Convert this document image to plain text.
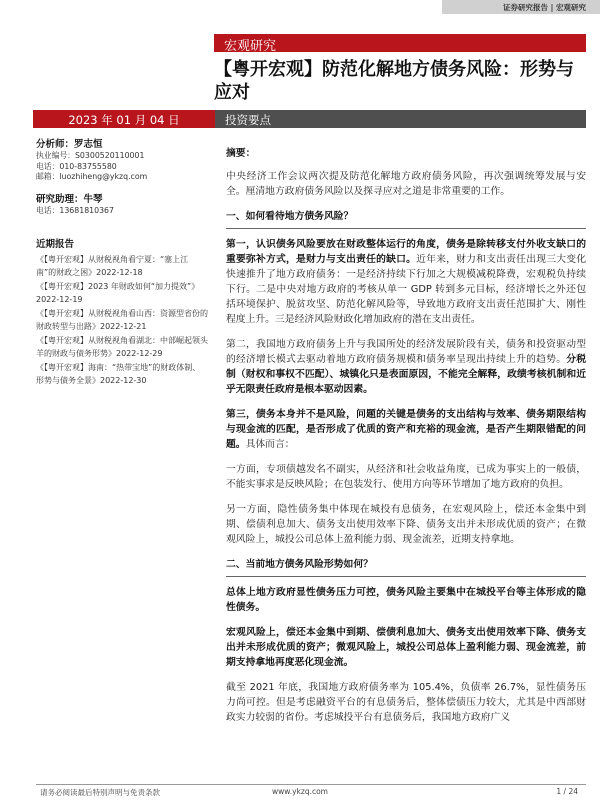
证券研究报告 | 宏观研究
宏观研究
【粤开宏观】防范化解地方债务风险：形势与应对
2023 年 01 月 04 日	投资要点
分析师：罗志恒
执业编号：S0300520110001
电话：010-83755580
邮箱：luozhiheng@ykzq.com
研究助理：牛琴
电话：13681810367
近期报告
《【粤开宏观】从财税视角看宁夏：“塞上江南”的财政之困》2022-12-18
《【粤开宏观】2023 年财政如何“加力提效”》2022-12-19
《【粤开宏观】从财税视角看山西：资源型省份的财政转型与出路》2022-12-21
《【粤开宏观】从财税视角看湖北：中部崛起领头羊的财政与债务形势》2022-12-29
《【粤开宏观】海南：“热带宝地”的财政体制、形势与债务全景》2022-12-30
摘要：
中央经济工作会议两次提及防范化解地方政府债务风险，再次强调统筹发展与安全。厘清地方政府债务风险以及探寻应对之道是非常重要的工作。
一、如何看待地方债务风险？
第一，认识债务风险要放在财政整体运行的角度，债务是除转移支付外收支缺口的重要弥补方式，是财力与支出责任的缺口。近年来，财力和支出责任出现三大变化快速推升了地方政府债务：一是经济持续下行加之大规模减税降费，宏观税负持续下行。二是中央对地方政府的考核从单一 GDP 转到多元目标，经济增长之外还包括环境保护、脱贫攻坚、防范化解风险等，导致地方政府支出责任范围扩大、刚性程度上升。三是经济风险财政化增加政府的潜在支出责任。
第二，我国地方政府债务上升与我国所处的经济发展阶段有关，债务和投资驱动型的经济增长模式去驱动着地方政府债务规模和债务率呈现出持续上升的趋势。分税制（财权和事权不匹配）、城镇化只是表面原因，不能完全解释，政绩考核机制和近乎无限责任政府是根本驱动因素。
第三，债务本身并不是风险，问题的关键是债务的支出结构与效率、债务期限结构与现金流的匹配，是否形成了优质的资产和充裕的现金流，是否产生期限错配的问题。具体而言：
一方面，专项债越发名不副实，从经济和社会收益角度，已成为事实上的一般债，不能实事求是反映风险；在包装发行、使用方向等环节增加了地方政府的负担。
另一方面，隐性债务集中体现在城投有息债务，在宏观风险上，偿还本金集中到期、偿债利息加大、债务支出使用效率下降、债务支出并未形成优质的资产；在微观风险上，城投公司总体上盈利能力弱、现金流差，近期支持拿地。
二、当前地方债务风险形势如何？
总体上地方政府显性债务压力可控，债务风险主要集中在城投平台等主体形成的隐性债务。
宏观风险上，偿还本金集中到期、偿债利息加大、债务支出使用效率下降、债务支出并未形成优质的资产；微观风险上，城投公司总体上盈利能力弱、现金流差，前期支持拿地再度恶化现金流。
截至 2021 年底，我国地方政府债务率为 105.4%，负债率 26.7%，显性债务压力尚可控。但是考虑融资平台的有息债务后，整体偿债压力较大，尤其是中西部财政实力较弱的省份。考虑城投平台有息债务后，我国地方政府广义
请务必阅读最后特别声明与免责条款	www.ykzq.com	1 / 24
